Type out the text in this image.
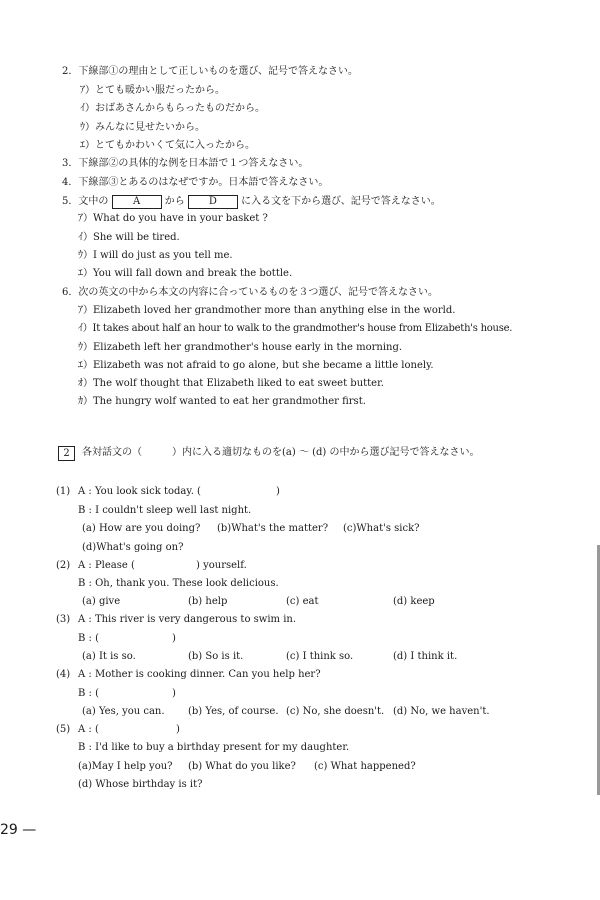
2．下線部①の理由として正しいものを選び、記号で答えなさい。
ｱ）とても暖かい服だったから。
ｲ）おばあさんからもらったものだから。
ｳ）みんなに見せたいから。
ｴ）とてもかわいくて気に入ったから。
3．下線部②の具体的な例を日本語で１つ答えなさい。
4．下線部③とあるのはなぜですか。日本語で答えなさい。
5．文中の A から D に入る文を下から選び、記号で答えなさい。
ｱ）What do you have in your basket ?
ｲ）She will be tired.
ｳ）I will do just as you tell me.
ｴ）You will fall down and break the bottle.
6．次の英文の中から本文の内容に合っているものを３つ選び、記号で答えなさい。
ｱ）Elizabeth loved her grandmother more than anything else in the world.
ｲ）It takes about half an hour to walk to the grandmother's house from Elizabeth's house.
ｳ）Elizabeth left her grandmother's house early in the morning.
ｴ）Elizabeth was not afraid to go alone, but she became a little lonely.
ｵ）The wolf thought that Elizabeth liked to eat sweet butter.
ｶ）The hungry wolf wanted to eat her grandmother first.
2	各対話文の（　　　）内に入る適切なものを(a) 〜 (d) の中から選び記号で答えなさい。
(1) A : You look sick today. (	)
B : I couldn't sleep well last night.
(a) How are you doing? (b)What's the matter? (c)What's sick?
(d)What's going on?
(2) A : Please (	) yourself.
B : Oh, thank you. These look delicious.
(a) give	(b) help	(c) eat	(d) keep
(3) A : This river is very dangerous to swim in.
B : (	)
(a) It is so.	(b) So is it.	(c) I think so.	(d) I think it.
(4) A : Mother is cooking dinner. Can you help her?
B : (	)
(a) Yes, you can. (b) Yes, of course. (c) No, she doesn't. (d) No, we haven't.
(5) A : (	)
B : I'd like to buy a birthday present for my daughter.
(a)May I help you? (b) What do you like? (c) What happened?
(d) Whose birthday is it?
29 —
